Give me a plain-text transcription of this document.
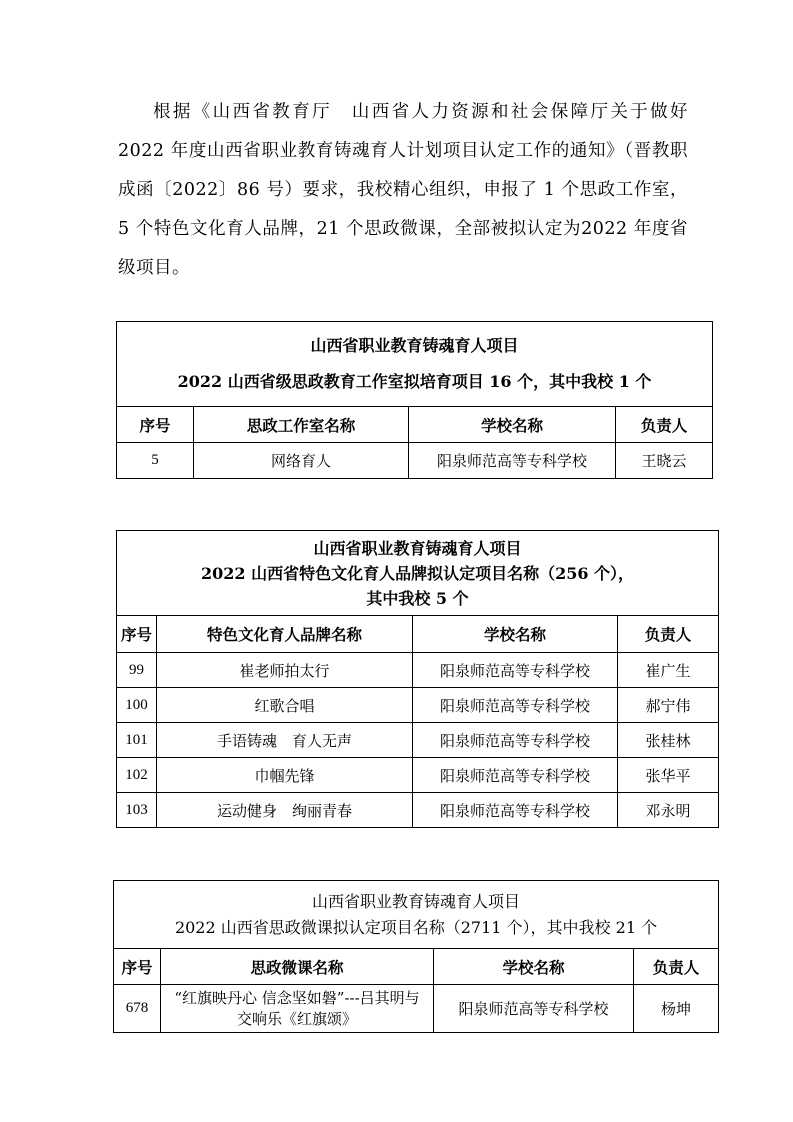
根据《山西省教育厅　山西省人力资源和社会保障厅关于做好 2022 年度山西省职业教育铸魂育人计划项目认定工作的通知》（晋教职成函〔2022〕86 号）要求，我校精心组织，申报了 1 个思政工作室，5 个特色文化育人品牌，21 个思政微课，全部被拟认定为2022 年度省级项目。

山西省职业教育铸魂育人项目
2022 山西省级思政教育工作室拟培育项目 16 个，其中我校 1 个			

序号	思政工作室名称	学校名称	负责人
5	网络育人	阳泉师范高等专科学校	王晓云
山西省职业教育铸魂育人项目
2022 山西省特色文化育人品牌拟认定项目名称（256 个），
其中我校 5 个			

序号	特色文化育人品牌名称	学校名称	负责人
99	崔老师拍太行	阳泉师范高等专科学校	崔广生
100	红歌合唱	阳泉师范高等专科学校	郝宁伟
101	手语铸魂　育人无声	阳泉师范高等专科学校	张桂林
102	巾帼先锋	阳泉师范高等专科学校	张华平
103	运动健身　绚丽青春	阳泉师范高等专科学校	邓永明
山西省职业教育铸魂育人项目
2022 山西省思政微课拟认定项目名称（2711 个），其中我校 21 个			

序号	思政微课名称	学校名称	负责人
678	“红旗映丹心 信念坚如磐”---吕其明与交响乐《红旗颂》	阳泉师范高等专科学校	杨坤
